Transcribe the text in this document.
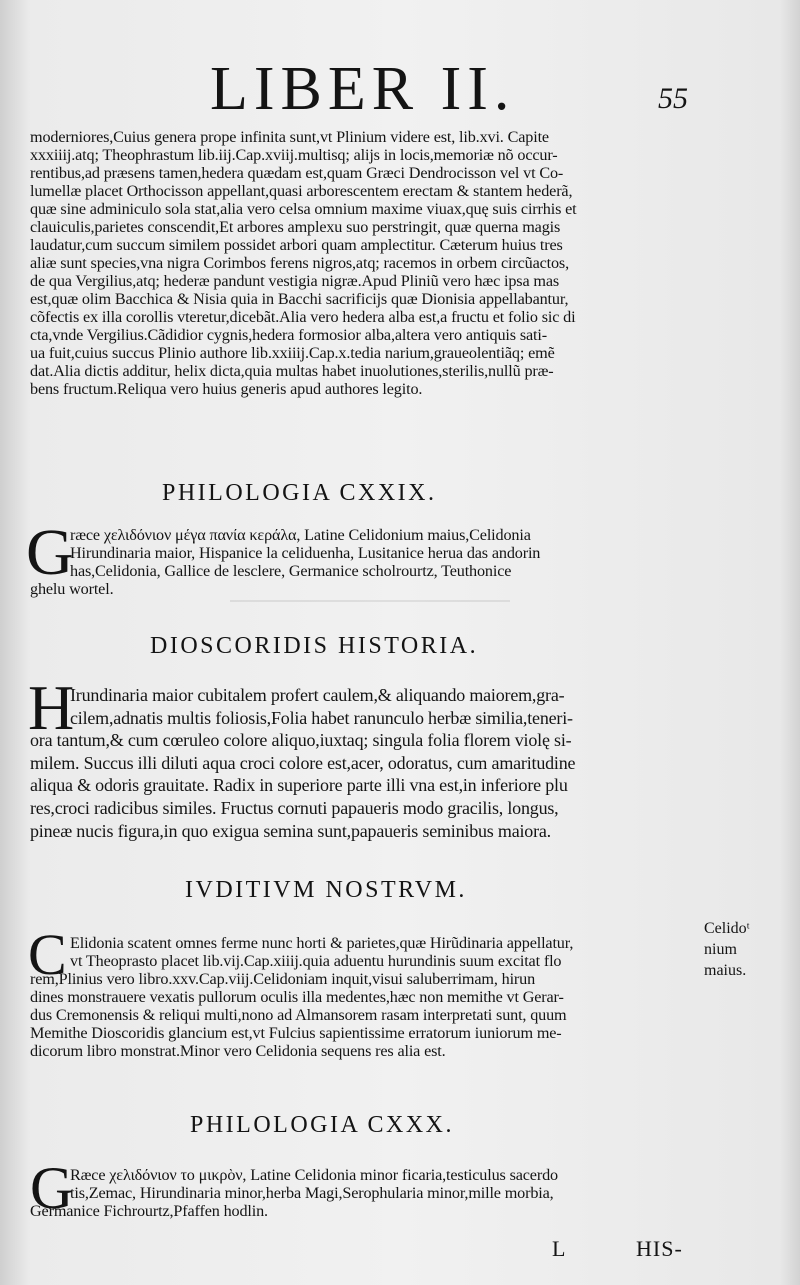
LIBER II.	55
moderniores,Cuius genera prope infinita sunt,vt Plinium videre est, lib.xvi. Capite
xxxiiij.atq; Theophrastum lib.iij.Cap.xviij.multisq; alijs in locis,memoriæ nõ occur-
rentibus,ad præsens tamen,hedera quædam est,quam Græci Dendrocisson vel vt Co-
lumellæ placet Orthocisson appellant,quasi arborescentem erectam & stantem hederã,
quæ sine adminiculo sola stat,alia vero celsa omnium maxime viuax,quę suis cirrhis et
clauiculis,parietes conscendit,Et arbores amplexu suo perstringit, quæ querna magis
laudatur,cum succum similem possidet arbori quam amplectitur. Cæterum huius tres
aliæ sunt species,vna nigra Corimbos ferens nigros,atq; racemos in orbem circũactos,
de qua Vergilius,atq; hederæ pandunt vestigia nigræ.Apud Pliniũ vero hæc ipsa mas
est,quæ olim Bacchica & Nisia quia in Bacchi sacrificijs quæ Dionisia appellabantur,
cõfectis ex illa corollis vteretur,dicebãt.Alia vero hedera alba est,a fructu et folio sic di
cta,vnde Vergilius.Cãdidior cygnis,hedera formosior alba,altera vero antiquis sati-
ua fuit,cuius succus Plinio authore lib.xxiiij.Cap.x.tedia narium,graueolentiãq; emẽ
dat.Alia dictis additur, helix dicta,quia multas habet inuolutiones,sterilis,nullũ præ-
bens fructum.Reliqua vero huius generis apud authores legito.
PHILOLOGIA CXXIX.
G
ræce χελιδόνιον μέγα πανία κεράλα, Latine Celidonium maius,Celidonia
Hirundinaria maior, Hispanice la celiduenha, Lusitanice herua das andorin
has,Celidonia, Gallice de lesclere, Germanice scholrourtz, Teuthonice
ghelu wortel.
DIOSCORIDIS HISTORIA.
H
Irundinaria maior cubitalem profert caulem,& aliquando maiorem,gra-
cilem,adnatis multis foliosis,Folia habet ranunculo herbæ similia,teneri-
ora tantum,& cum cœruleo colore aliquo,iuxtaq; singula folia florem violę si-
milem. Succus illi diluti aqua croci colore est,acer, odoratus, cum amaritudine
aliqua & odoris grauitate. Radix in superiore parte illi vna est,in inferiore plu
res,croci radicibus similes. Fructus cornuti papaueris modo gracilis, longus,
pineæ nucis figura,in quo exigua semina sunt,papaueris seminibus maiora.
IVDITIVM NOSTRVM.
C Elidonia scatent omnes ferme nunc horti & parietes,quæ Hirũdinaria appellatur,
vt Theoprasto placet lib.vij.Cap.xiiij.quia aduentu hurundinis suum excitat flo
rem,Plinius vero libro.xxv.Cap.viij.Celidoniam inquit,visui saluberrimam, hirun
dines monstrauere vexatis pullorum oculis illa medentes,hæc non memithe vt Gerar-
dus Cremonensis & reliqui multi,nono ad Almansorem rasam interpretati sunt, quum
Memithe Dioscoridis glancium est,vt Fulcius sapientissime erratorum iuniorum me-
dicorum libro monstrat.Minor vero Celidonia sequens res alia est.
Celidoᵗ
nium
maius.
PHILOLOGIA CXXX.
G
Ræce χελιδόνιον το μικρὸν, Latine Celidonia minor ficaria,testiculus sacerdo
tis,Zemac, Hirundinaria minor,herba Magi,Serophularia minor,mille morbia,
Germanice Fichrourtz,Pfaffen hodlin.
L	HIS-
